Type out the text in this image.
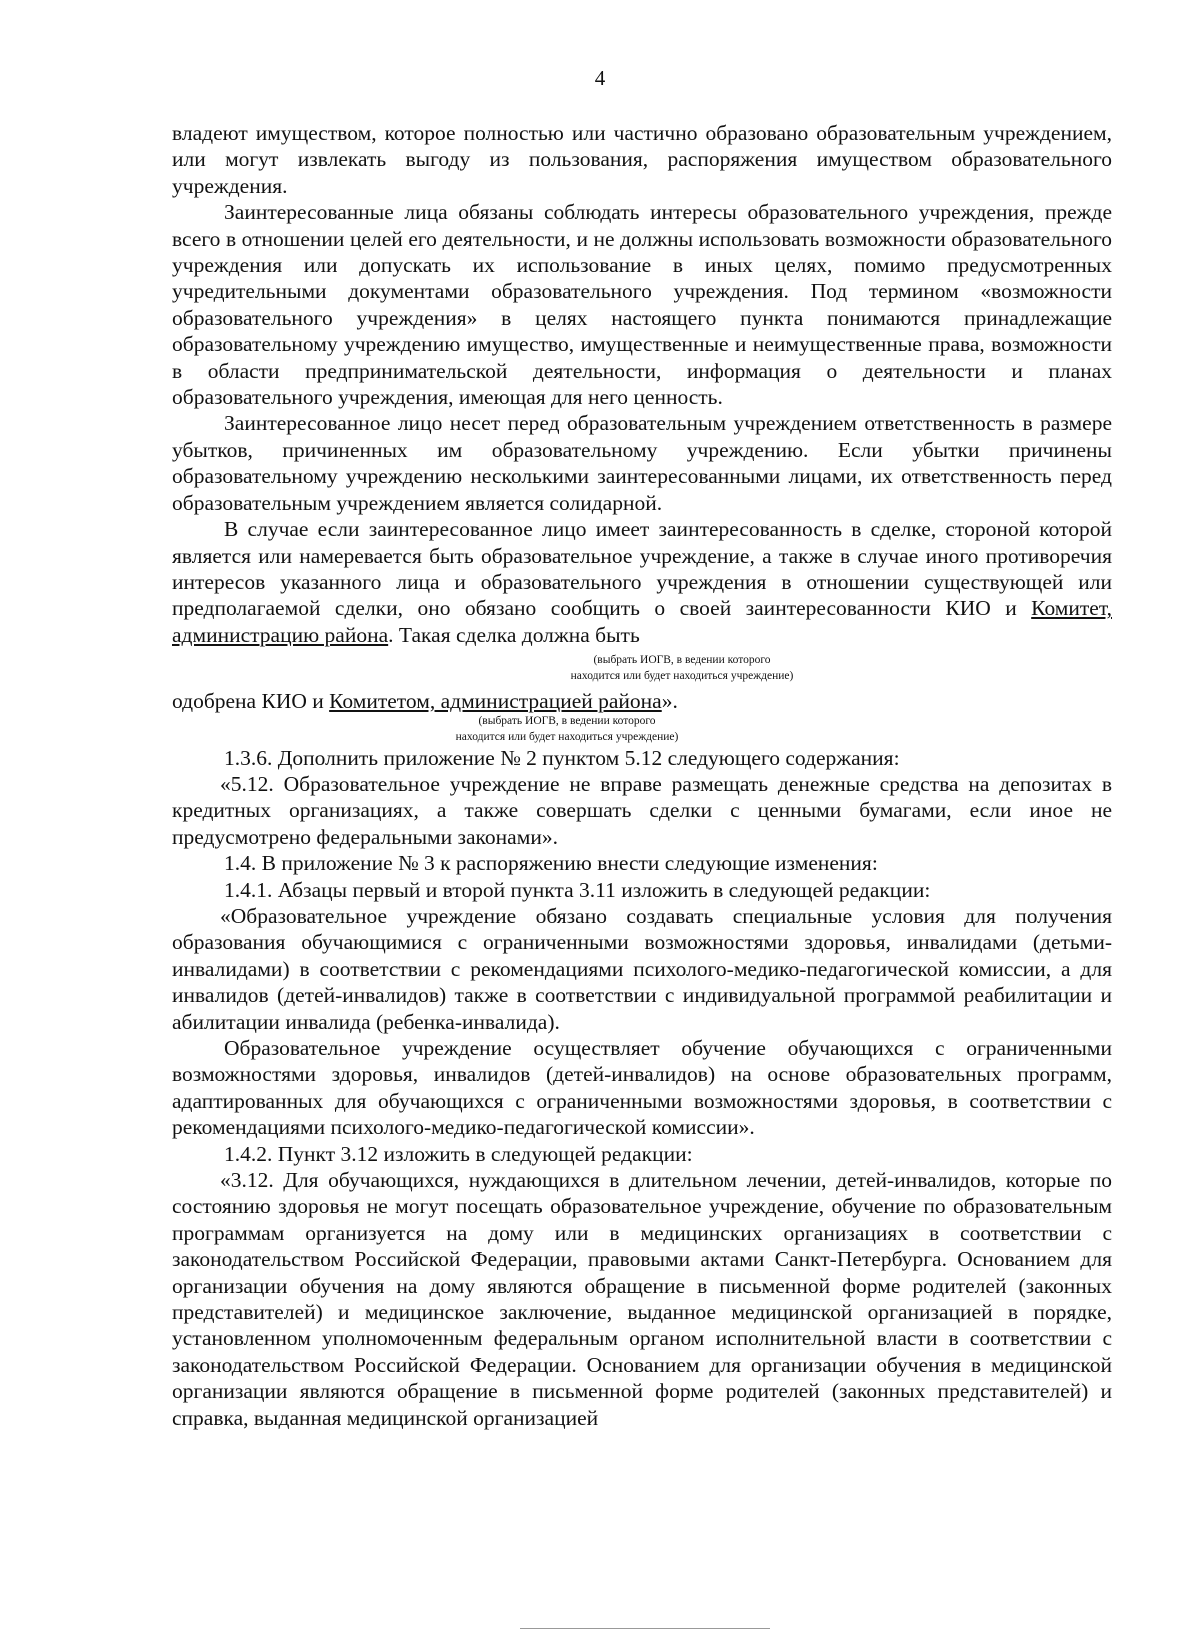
4

владеют имуществом, которое полностью или частично образовано образовательным учреждением, или могут извлекать выгоду из пользования, распоряжения имуществом образовательного учреждения.

Заинтересованные лица обязаны соблюдать интересы образовательного учреждения, прежде всего в отношении целей его деятельности, и не должны использовать возможности образовательного учреждения или допускать их использование в иных целях, помимо предусмотренных учредительными документами образовательного учреждения. Под термином «возможности образовательного учреждения» в целях настоящего пункта понимаются принадлежащие образовательному учреждению имущество, имущественные и неимущественные права, возможности в области предпринимательской деятельности, информация о деятельности и планах образовательного учреждения, имеющая для него ценность.

Заинтересованное лицо несет перед образовательным учреждением ответственность в размере убытков, причиненных им образовательному учреждению. Если убытки причинены образовательному учреждению несколькими заинтересованными лицами, их ответственность перед образовательным учреждением является солидарной.

В случае если заинтересованное лицо имеет заинтересованность в сделке, стороной которой является или намеревается быть образовательное учреждение, а также в случае иного противоречия интересов указанного лица и образовательного учреждения в отношении существующей или предполагаемой сделки, оно обязано сообщить о своей заинтересованности КИО и Комитет, администрацию района. Такая сделка должна быть

(выбрать ИОГВ, в ведении которого
находится или будет находиться учреждение)

одобрена КИО и Комитетом, администрацией района».

(выбрать ИОГВ, в ведении которого
находится или будет находиться учреждение)

1.3.6. Дополнить приложение № 2 пунктом 5.12 следующего содержания:

«5.12. Образовательное учреждение не вправе размещать денежные средства на депозитах в кредитных организациях, а также совершать сделки с ценными бумагами, если иное не предусмотрено федеральными законами».

1.4. В приложение № 3 к распоряжению внести следующие изменения:

1.4.1. Абзацы первый и второй пункта 3.11 изложить в следующей редакции:

«Образовательное учреждение обязано создавать специальные условия для получения образования обучающимися с ограниченными возможностями здоровья, инвалидами (детьми-инвалидами) в соответствии с рекомендациями психолого-медико-педагогической комиссии, а для инвалидов (детей-инвалидов) также в соответствии с индивидуальной программой реабилитации и абилитации инвалида (ребенка-инвалида).

Образовательное учреждение осуществляет обучение обучающихся с ограниченными возможностями здоровья, инвалидов (детей-инвалидов) на основе образовательных программ, адаптированных для обучающихся с ограниченными возможностями здоровья, в соответствии с рекомендациями психолого-медико-педагогической комиссии».

1.4.2. Пункт 3.12 изложить в следующей редакции:

«3.12. Для обучающихся, нуждающихся в длительном лечении, детей-инвалидов, которые по состоянию здоровья не могут посещать образовательное учреждение, обучение по образовательным программам организуется на дому или в медицинских организациях в соответствии с законодательством Российской Федерации, правовыми актами Санкт-Петербурга. Основанием для организации обучения на дому являются обращение в письменной форме родителей (законных представителей) и медицинское заключение, выданное медицинской организацией в порядке, установленном уполномоченным федеральным органом исполнительной власти в соответствии с законодательством Российской Федерации. Основанием для организации обучения в медицинской организации являются обращение в письменной форме родителей (законных представителей) и справка, выданная медицинской организацией
